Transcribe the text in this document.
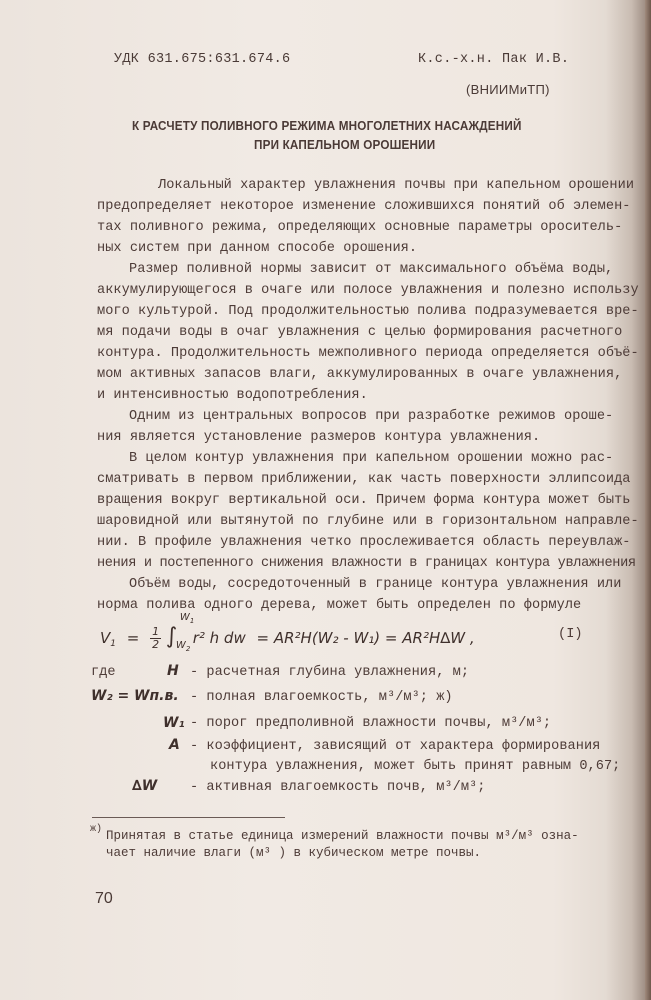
УДК 631.675:631.674.6	К.с.-х.н. Пак И.В.
(ВНИИМиТП)
К РАСЧЕТУ ПОЛИВНОГО РЕЖИМА МНОГОЛЕТНИХ НАСАЖДЕНИЙ
ПРИ КАПЕЛЬНОМ ОРОШЕНИИ
Локальный характер увлажнения почвы при капельном орошении
предопределяет некоторое изменение сложившихся понятий об элемен-
тах поливного режима, определяющих основные параметры ороситель-
ных систем при данном способе орошения.
Размер поливной нормы зависит от максимального объёма воды,
аккумулирующегося в очаге или полосе увлажнения и полезно использу
мого культурой. Под продолжительностью полива подразумевается вре-
мя подачи воды в очаг увлажнения с целью формирования расчетного
контура. Продолжительность межполивного периода определяется объё-
мом активных запасов влаги, аккумулированных в очаге увлажнения,
и интенсивностью водопотребления.
Одним из центральных вопросов при разработке режимов ороше-
ния является установление размеров контура увлажнения.
В целом контур увлажнения при капельном орошении можно рас-
сматривать в первом приближении, как часть поверхности эллипсоида
вращения вокруг вертикальной оси. Причем форма контура может быть
шаровидной или вытянутой по глубине или в горизонтальном направле-
нии. В профиле увлажнения четко прослеживается область переувлаж-
нения и постепенного снижения влажности в границах контура увлажнения
Объём воды, сосредоточенный в границе контура увлажнения или
норма полива одного дерева, может быть определен по формуле
$V_1 = \frac{1}{2}$ ∫
$W_1$
$W_2$
r² h dw = AR²H(W₂ - W₁) = AR²H∆W ,	(I)
где	H - расчетная глубина увлажнения, м;
W₂ = Wп.в. - полная влагоемкость, м³/м³; ж)
W₁ - порог предполивной влажности почвы, м³/м³;
A - коэффициент, зависящий от характера формирования
контура увлажнения, может быть принят равным 0,67;
∆W - активная влагоемкость почв, м³/м³;
ж) Принятая в статье единица измерений влажности почвы м³/м³ озна-
чает наличие влаги (м³ ) в кубическом метре почвы.
70
